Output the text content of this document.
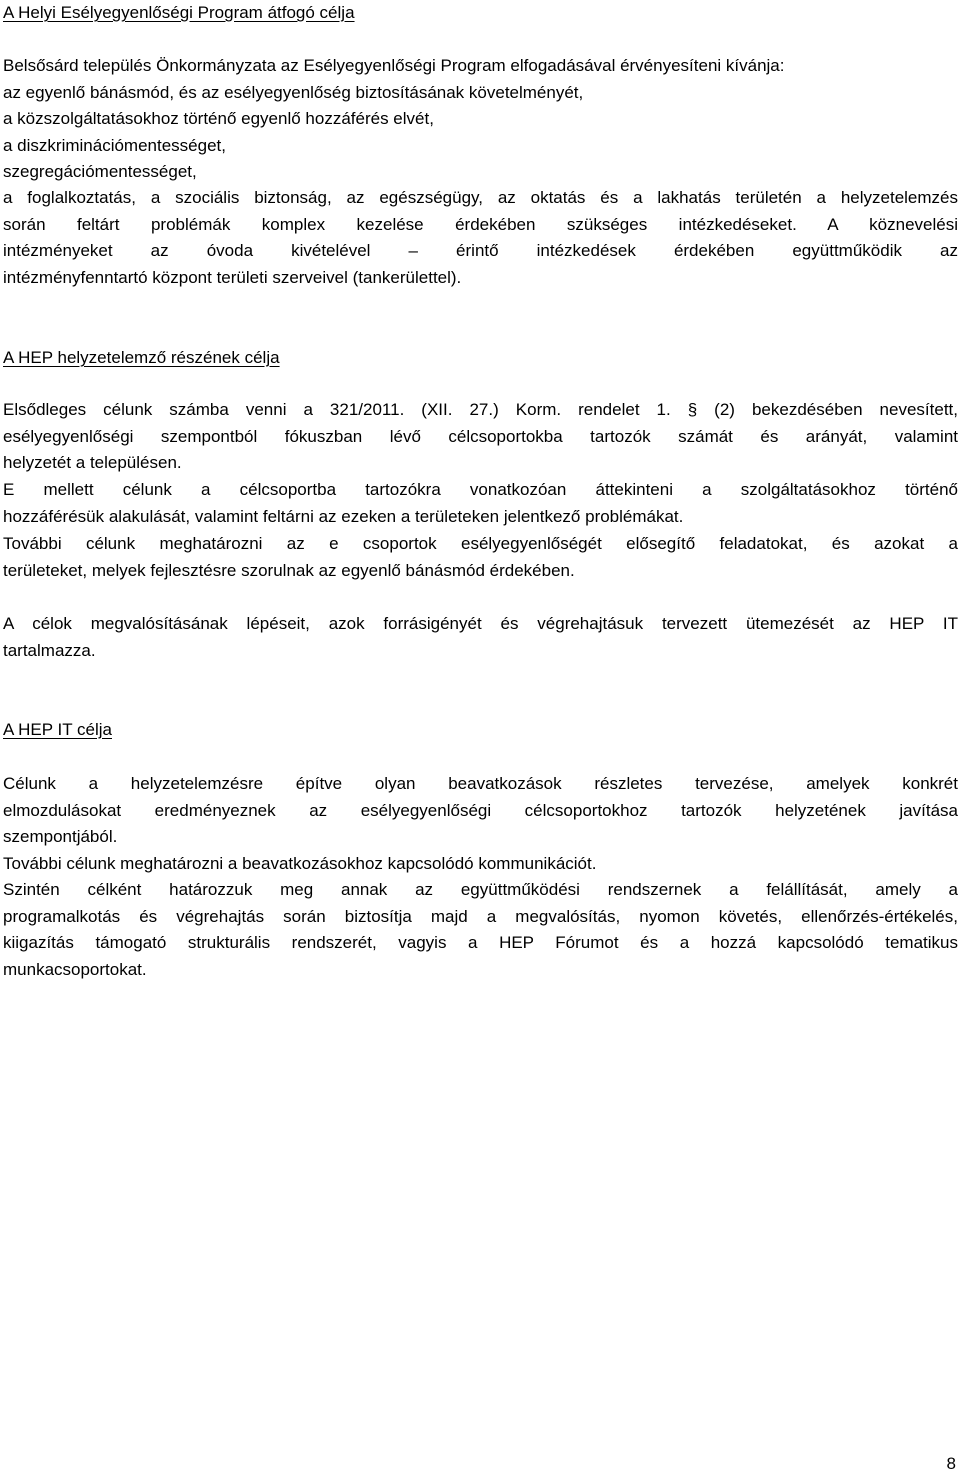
A Helyi Esélyegyenlőségi Program átfogó célja
Belsősárd település Önkormányzata az Esélyegyenlőségi Program elfogadásával érvényesíteni kívánja:
az egyenlő bánásmód, és az esélyegyenlőség biztosításának követelményét,
a közszolgáltatásokhoz történő egyenlő hozzáférés elvét,
a diszkriminációmentességet,
szegregációmentességet,
a foglalkoztatás, a szociális biztonság, az egészségügy, az oktatás és a lakhatás területén a helyzetelemzés
során feltárt problémák komplex kezelése érdekében szükséges intézkedéseket. A köznevelési
intézményeket az óvoda kivételével – érintő intézkedések érdekében együttműködik az
intézményfenntartó központ területi szerveivel (tankerülettel).
A HEP helyzetelemző részének célja
Elsődleges célunk számba venni a 321/2011. (XII. 27.) Korm. rendelet 1. § (2) bekezdésében nevesített,
esélyegyenlőségi szempontból fókuszban lévő célcsoportokba tartozók számát és arányát, valamint
helyzetét a településen.
E mellett célunk a célcsoportba tartozókra vonatkozóan áttekinteni a szolgáltatásokhoz történő
hozzáférésük alakulását, valamint feltárni az ezeken a területeken jelentkező problémákat.
További célunk meghatározni az e csoportok esélyegyenlőségét elősegítő feladatokat, és azokat a
területeket, melyek fejlesztésre szorulnak az egyenlő bánásmód érdekében.
A célok megvalósításának lépéseit, azok forrásigényét és végrehajtásuk tervezett ütemezését az HEP IT
tartalmazza.
A HEP IT célja
Célunk a helyzetelemzésre építve olyan beavatkozások részletes tervezése, amelyek konkrét
elmozdulásokat eredményeznek az esélyegyenlőségi célcsoportokhoz tartozók helyzetének javítása
szempontjából.
További célunk meghatározni a beavatkozásokhoz kapcsolódó kommunikációt.
Szintén célként határozzuk meg annak az együttműködési rendszernek a felállítását, amely a
programalkotás és végrehajtás során biztosítja majd a megvalósítás, nyomon követés, ellenőrzés-értékelés,
kiigazítás támogató strukturális rendszerét, vagyis a HEP Fórumot és a hozzá kapcsolódó tematikus
munkacsoportokat.
8
